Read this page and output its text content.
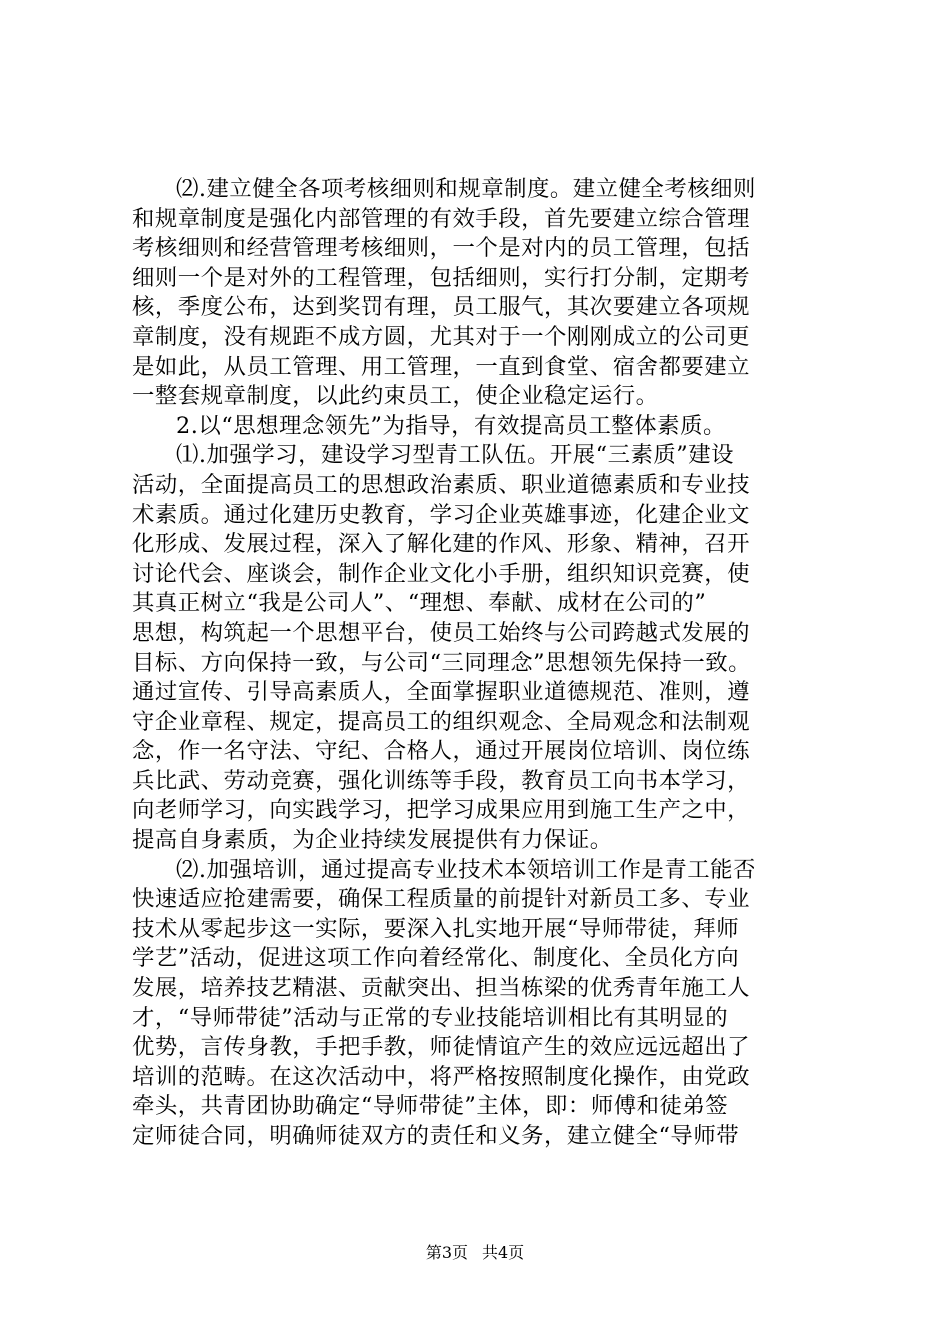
⑵.建立健全各项考核细则和规章制度。建立健全考核细则
和规章制度是强化内部管理的有效手段，首先要建立综合管理
考核细则和经营管理考核细则，一个是对内的员工管理，包括
细则一个是对外的工程管理，包括细则，实行打分制，定期考
核，季度公布，达到奖罚有理，员工服气，其次要建立各项规
章制度，没有规距不成方圆，尤其对于一个刚刚成立的公司更
是如此，从员工管理、用工管理，一直到食堂、宿舍都要建立
一整套规章制度，以此约束员工，使企业稳定运行。
2.以“思想理念领先”为指导，有效提高员工整体素质。
⑴.加强学习，建设学习型青工队伍。开展“三素质”建设
活动，全面提高员工的思想政治素质、职业道德素质和专业技
术素质。通过化建历史教育，学习企业英雄事迹，化建企业文
化形成、发展过程，深入了解化建的作风、形象、精神，召开
讨论代会、座谈会，制作企业文化小手册，组织知识竞赛，使
其真正树立“我是公司人”、“理想、奉献、成材在公司的”
思想，构筑起一个思想平台，使员工始终与公司跨越式发展的
目标、方向保持一致，与公司“三同理念”思想领先保持一致。
通过宣传、引导高素质人，全面掌握职业道德规范、准则，遵
守企业章程、规定，提高员工的组织观念、全局观念和法制观
念，作一名守法、守纪、合格人，通过开展岗位培训、岗位练
兵比武、劳动竞赛，强化训练等手段，教育员工向书本学习，
向老师学习，向实践学习，把学习成果应用到施工生产之中，
提高自身素质，为企业持续发展提供有力保证。
⑵.加强培训，通过提高专业技术本领培训工作是青工能否
快速适应抢建需要，确保工程质量的前提针对新员工多、专业
技术从零起步这一实际，要深入扎实地开展“导师带徒，拜师
学艺”活动，促进这项工作向着经常化、制度化、全员化方向
发展，培养技艺精湛、贡献突出、担当栋梁的优秀青年施工人
才，“导师带徒”活动与正常的专业技能培训相比有其明显的
优势，言传身教，手把手教，师徒情谊产生的效应远远超出了
培训的范畴。在这次活动中，将严格按照制度化操作，由党政
牵头，共青团协助确定“导师带徒”主体，即：师傅和徒弟签
定师徒合同，明确师徒双方的责任和义务，建立健全“导师带
第3页 共4页
